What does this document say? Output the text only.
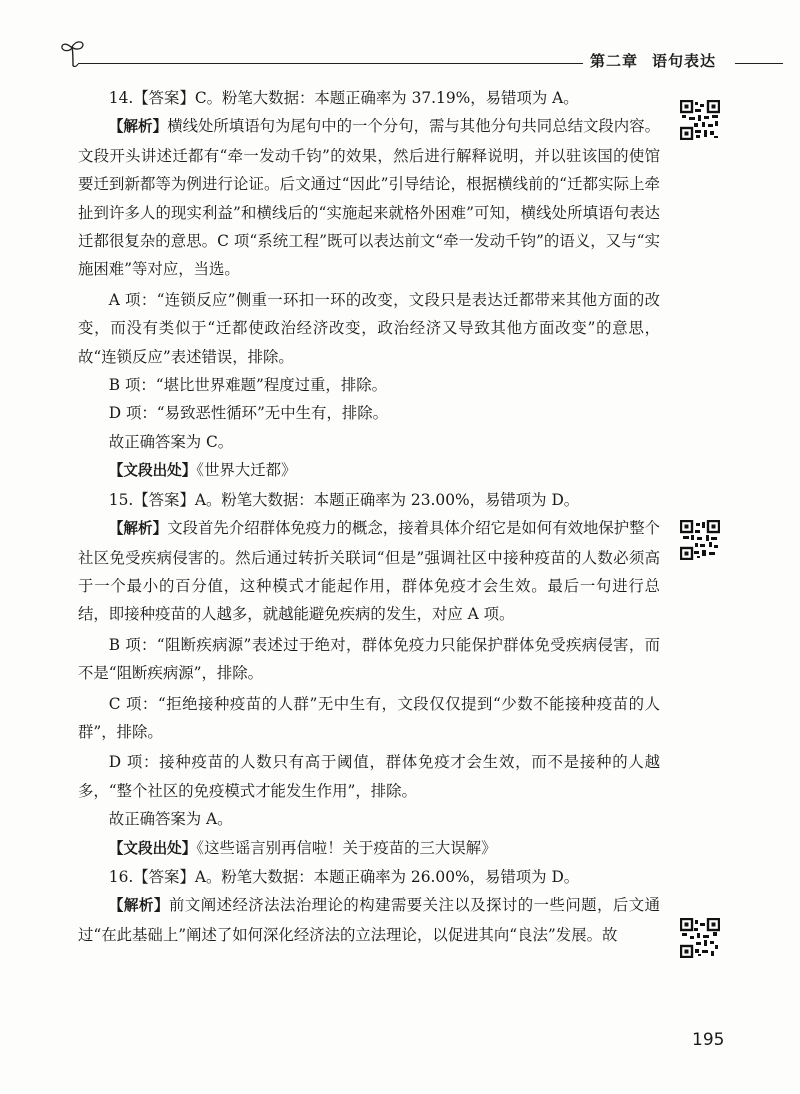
第二章 语句表达

14.【答案】C。粉笔大数据：本题正确率为 37.19%，易错项为 A。

【解析】横线处所填语句为尾句中的一个分句，需与其他分句共同总结文段内容。文段开头讲述迁都有“牵一发动千钧”的效果，然后进行解释说明，并以驻该国的使馆要迁到新都等为例进行论证。后文通过“因此”引导结论，根据横线前的“迁都实际上牵扯到许多人的现实利益”和横线后的“实施起来就格外困难”可知，横线处所填语句表达迁都很复杂的意思。C 项“系统工程”既可以表达前文“牵一发动千钧”的语义，又与“实施困难”等对应，当选。

A 项：“连锁反应”侧重一环扣一环的改变，文段只是表达迁都带来其他方面的改变，而没有类似于“迁都使政治经济改变，政治经济又导致其他方面改变”的意思，故“连锁反应”表述错误，排除。

B 项：“堪比世界难题”程度过重，排除。

D 项：“易致恶性循环”无中生有，排除。

故正确答案为 C。

【文段出处】《世界大迁都》

15.【答案】A。粉笔大数据：本题正确率为 23.00%，易错项为 D。

【解析】文段首先介绍群体免疫力的概念，接着具体介绍它是如何有效地保护整个社区免受疾病侵害的。然后通过转折关联词“但是”强调社区中接种疫苗的人数必须高于一个最小的百分值，这种模式才能起作用，群体免疫才会生效。最后一句进行总结，即接种疫苗的人越多，就越能避免疾病的发生，对应 A 项。

B 项：“阻断疾病源”表述过于绝对，群体免疫力只能保护群体免受疾病侵害，而不是“阻断疾病源”，排除。

C 项：“拒绝接种疫苗的人群”无中生有，文段仅仅提到“少数不能接种疫苗的人群”，排除。

D 项：接种疫苗的人数只有高于阈值，群体免疫才会生效，而不是接种的人越多，“整个社区的免疫模式才能发生作用”，排除。

故正确答案为 A。

【文段出处】《这些谣言别再信啦！关于疫苗的三大误解》

16.【答案】A。粉笔大数据：本题正确率为 26.00%，易错项为 D。

【解析】前文阐述经济法法治理论的构建需要关注以及探讨的一些问题，后文通过“在此基础上”阐述了如何深化经济法的立法理论，以促进其向“良法”发展。故

195
